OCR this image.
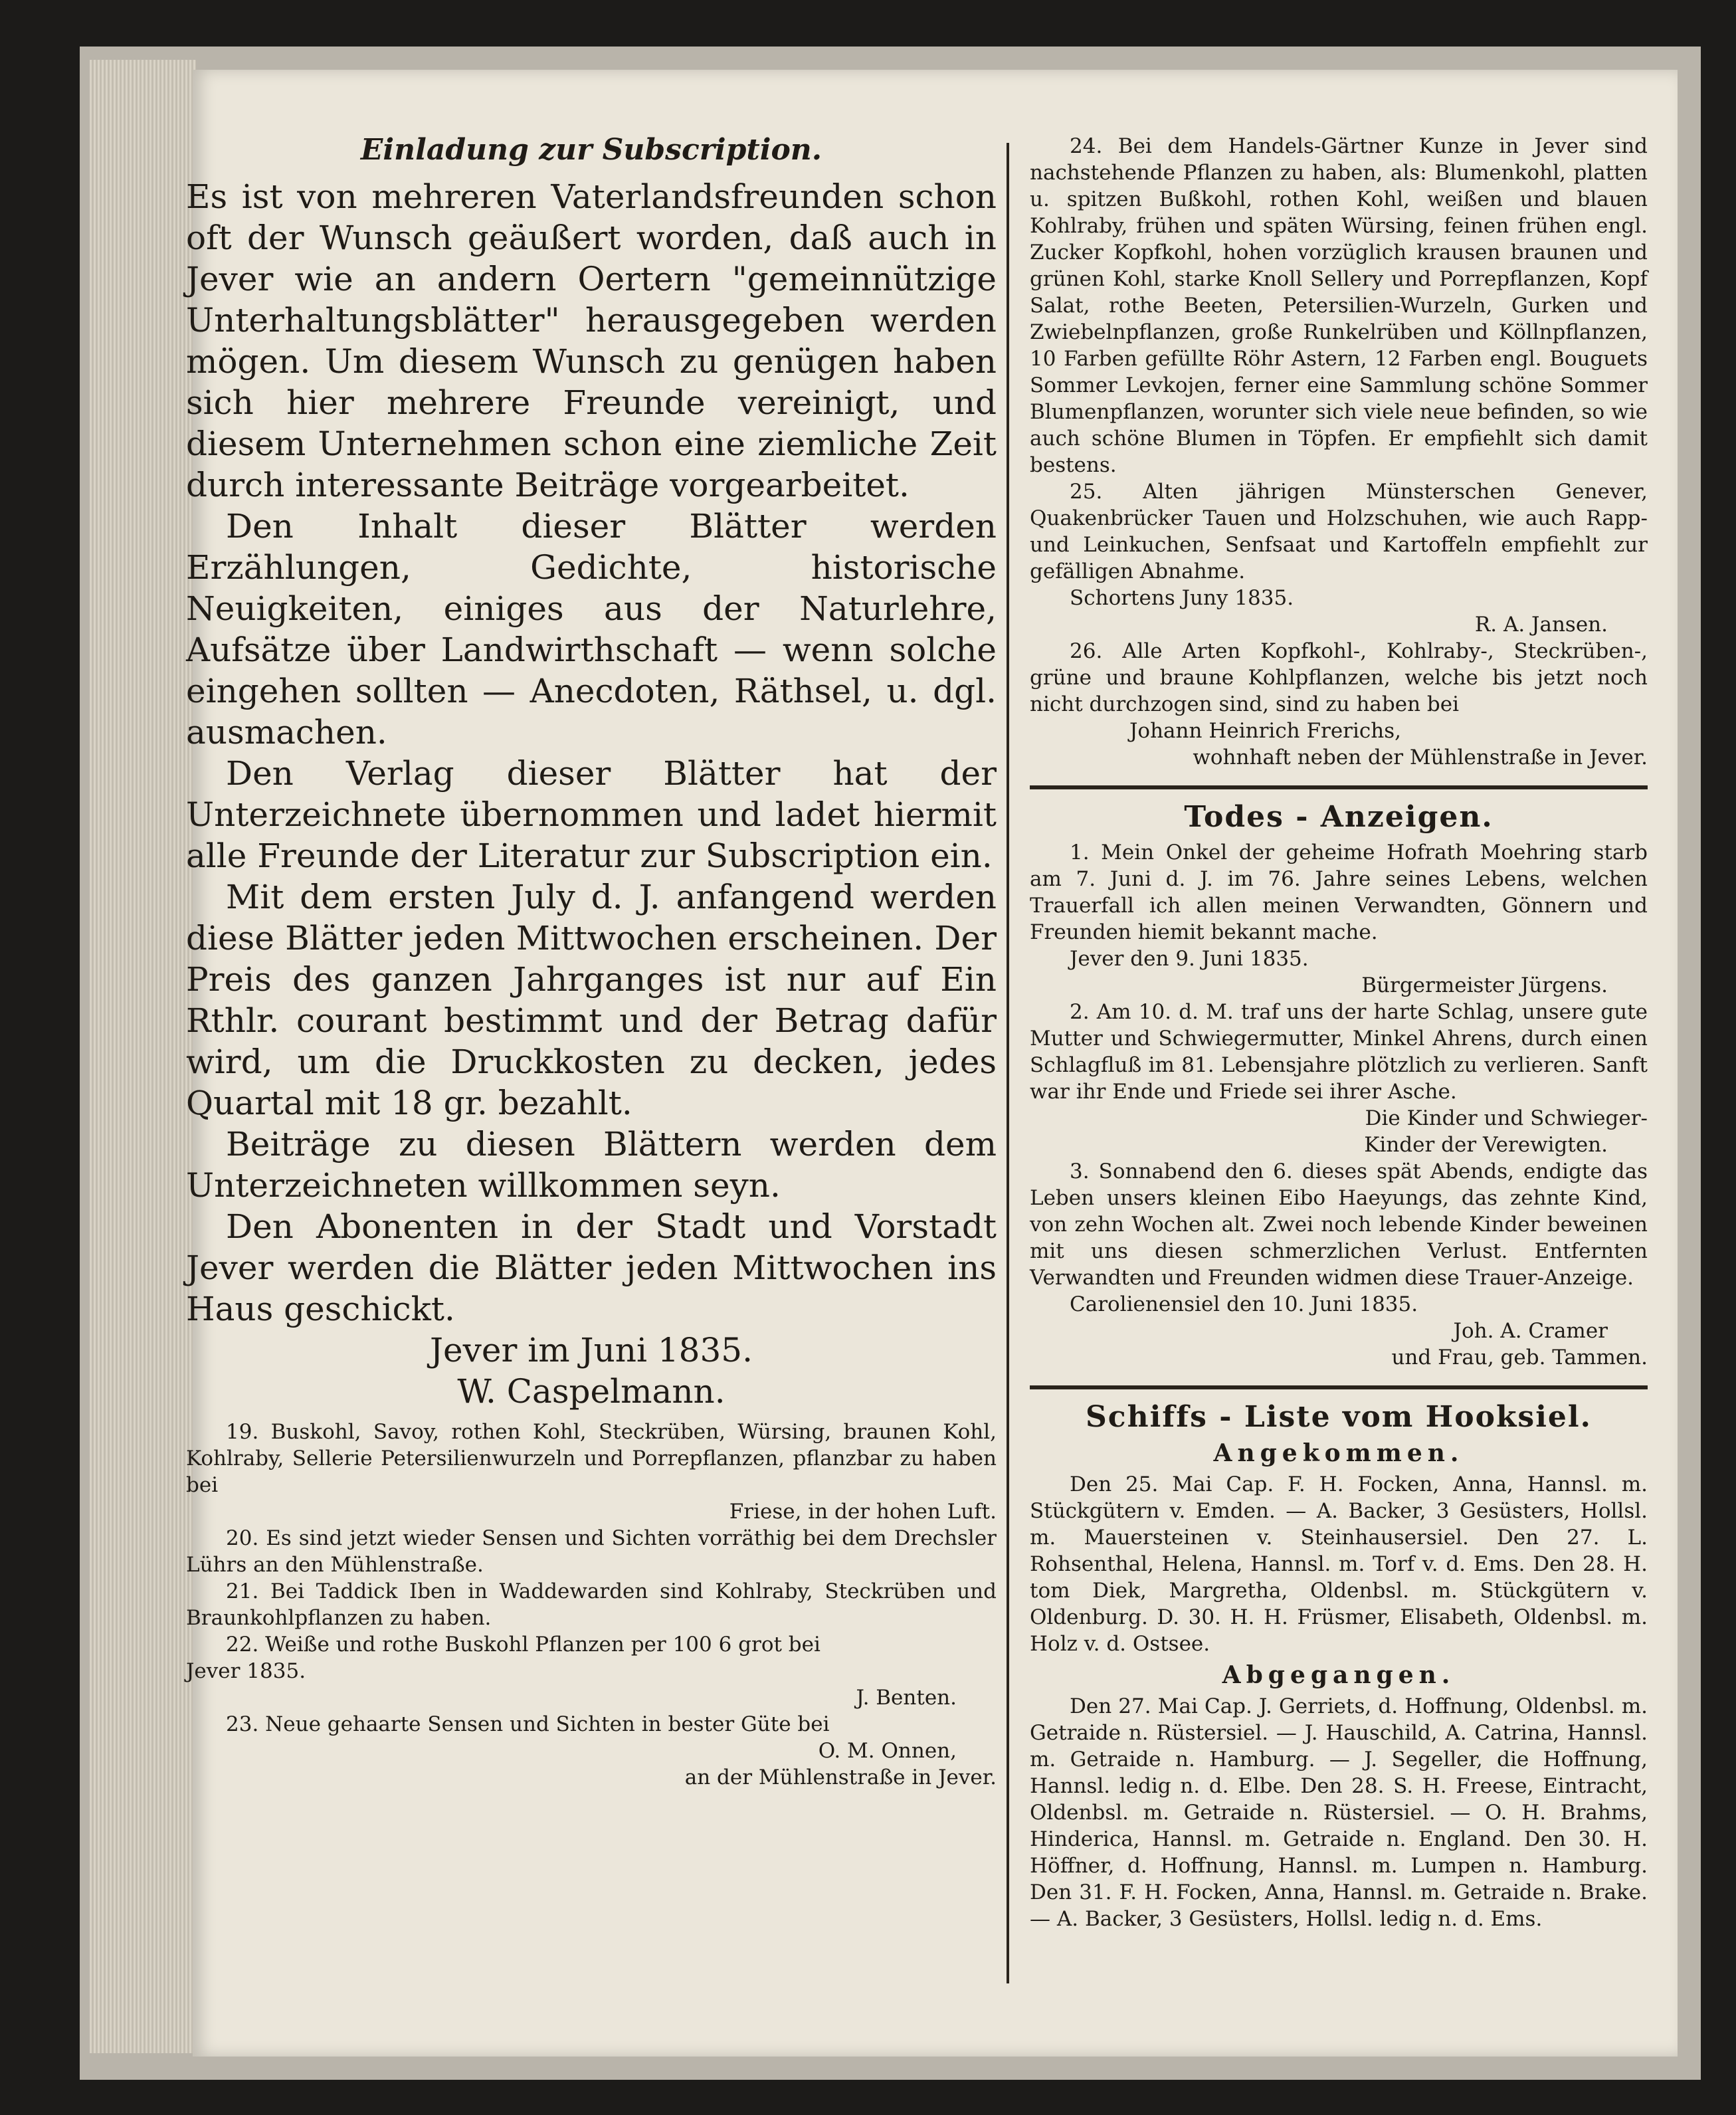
Einladung zur Subscription.

Es ist von mehreren Vaterlandsfreunden schon oft der Wunsch geäußert worden, daß auch in Jever wie an andern Oertern "gemeinnützige Unterhaltungsblätter" herausgegeben werden mögen. Um diesem Wunsch zu genügen haben sich hier mehrere Freunde vereinigt, und diesem Unternehmen schon eine ziemliche Zeit durch interessante Beiträge vorgearbeitet.

Den Inhalt dieser Blätter werden Erzählungen, Gedichte, historische Neuigkeiten, einiges aus der Naturlehre, Aufsätze über Landwirthschaft — wenn solche eingehen sollten — Anecdoten, Räthsel, u. dgl. ausmachen.

Den Verlag dieser Blätter hat der Unterzeichnete übernommen und ladet hiermit alle Freunde der Literatur zur Subscription ein.

Mit dem ersten July d. J. anfangend werden diese Blätter jeden Mittwochen erscheinen. Der Preis des ganzen Jahrganges ist nur auf Ein Rthlr. courant bestimmt und der Betrag dafür wird, um die Druckkosten zu decken, jedes Quartal mit 18 gr. bezahlt.

Beiträge zu diesen Blättern werden dem Unterzeichneten willkommen seyn.

Den Abonenten in der Stadt und Vorstadt Jever werden die Blätter jeden Mittwochen ins Haus geschickt.

Jever im Juni 1835.

W. Caspelmann.

19. Buskohl, Savoy, rothen Kohl, Steckrüben, Würsing, braunen Kohl, Kohlraby, Sellerie Petersilienwurzeln und Porrepflanzen, pflanzbar zu haben bei

Friese, in der hohen Luft.

20. Es sind jetzt wieder Sensen und Sichten vorräthig bei dem Drechsler Lührs an den Mühlenstraße.

21. Bei Taddick Iben in Waddewarden sind Kohlraby, Steckrüben und Braunkohlpflanzen zu haben.

22. Weiße und rothe Buskohl Pflanzen per 100 6 grot bei

Jever 1835.

J. Benten.

23. Neue gehaarte Sensen und Sichten in bester Güte bei

O. M. Onnen,

an der Mühlenstraße in Jever.

24. Bei dem Handels-Gärtner Kunze in Jever sind nachstehende Pflanzen zu haben, als: Blumenkohl, platten u. spitzen Bußkohl, rothen Kohl, weißen und blauen Kohlraby, frühen und späten Würsing, feinen frühen engl. Zucker Kopfkohl, hohen vorzüglich krausen braunen und grünen Kohl, starke Knoll Sellery und Porrepflanzen, Kopf Salat, rothe Beeten, Petersilien-Wurzeln, Gurken und Zwiebelnpflanzen, große Runkelrüben und Köllnpflanzen, 10 Farben gefüllte Röhr Astern, 12 Farben engl. Bouguets Sommer Levkojen, ferner eine Sammlung schöne Sommer Blumenpflanzen, worunter sich viele neue befinden, so wie auch schöne Blumen in Töpfen. Er empfiehlt sich damit bestens.

25. Alten jährigen Münsterschen Genever, Quakenbrücker Tauen und Holzschuhen, wie auch Rapp- und Leinkuchen, Senfsaat und Kartoffeln empfiehlt zur gefälligen Abnahme.

Schortens Juny 1835.

R. A. Jansen.

26. Alle Arten Kopfkohl-, Kohlraby-, Steckrüben-, grüne und braune Kohlpflanzen, welche bis jetzt noch nicht durchzogen sind, sind zu haben bei

Johann Heinrich Frerichs,

wohnhaft neben der Mühlenstraße in Jever.

Todes - Anzeigen.

1. Mein Onkel der geheime Hofrath Moehring starb am 7. Juni d. J. im 76. Jahre seines Lebens, welchen Trauerfall ich allen meinen Verwandten, Gönnern und Freunden hiemit bekannt mache.

Jever den 9. Juni 1835.

Bürgermeister Jürgens.

2. Am 10. d. M. traf uns der harte Schlag, unsere gute Mutter und Schwiegermutter, Minkel Ahrens, durch einen Schlagfluß im 81. Lebensjahre plötzlich zu verlieren. Sanft war ihr Ende und Friede sei ihrer Asche.

Die Kinder und Schwieger-

Kinder der Verewigten.

3. Sonnabend den 6. dieses spät Abends, endigte das Leben unsers kleinen Eibo Haeyungs, das zehnte Kind, von zehn Wochen alt. Zwei noch lebende Kinder beweinen mit uns diesen schmerzlichen Verlust. Entfernten Verwandten und Freunden widmen diese Trauer-Anzeige.

Carolienensiel den 10. Juni 1835.

Joh. A. Cramer

und Frau, geb. Tammen.

Schiffs - Liste vom Hooksiel.
Angekommen.

Den 25. Mai Cap. F. H. Focken, Anna, Hannsl. m. Stückgütern v. Emden. — A. Backer, 3 Gesüsters, Hollsl. m. Mauersteinen v. Steinhausersiel. Den 27. L. Rohsenthal, Helena, Hannsl. m. Torf v. d. Ems. Den 28. H. tom Diek, Margretha, Oldenbsl. m. Stückgütern v. Oldenburg. D. 30. H. H. Früsmer, Elisabeth, Oldenbsl. m. Holz v. d. Ostsee.

Abgegangen.

Den 27. Mai Cap. J. Gerriets, d. Hoffnung, Oldenbsl. m. Getraide n. Rüstersiel. — J. Hauschild, A. Catrina, Hannsl. m. Getraide n. Hamburg. — J. Segeller, die Hoffnung, Hannsl. ledig n. d. Elbe. Den 28. S. H. Freese, Eintracht, Oldenbsl. m. Getraide n. Rüstersiel. — O. H. Brahms, Hinderica, Hannsl. m. Getraide n. England. Den 30. H. Höffner, d. Hoffnung, Hannsl. m. Lumpen n. Hamburg. Den 31. F. H. Focken, Anna, Hannsl. m. Getraide n. Brake. — A. Backer, 3 Gesüsters, Hollsl. ledig n. d. Ems.
